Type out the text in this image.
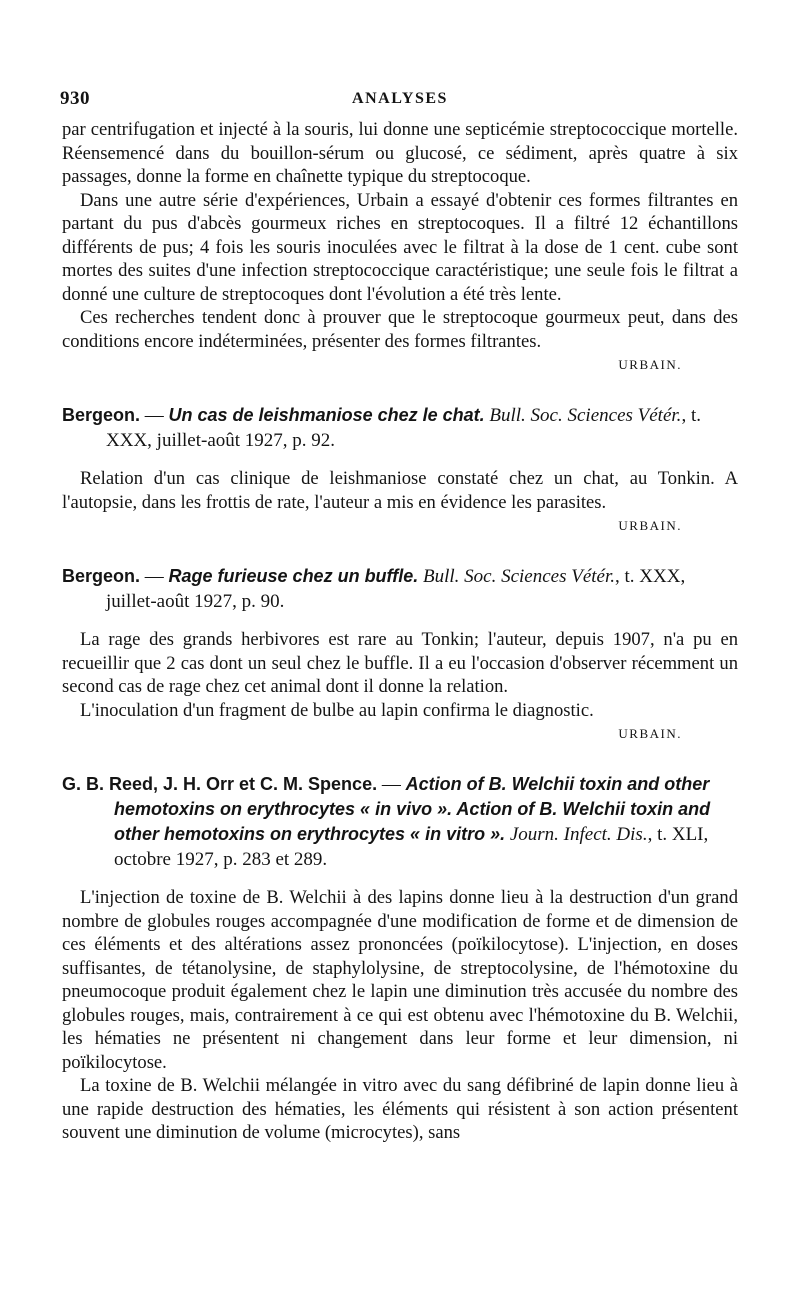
930	ANALYSES

par centrifugation et injecté à la souris, lui donne une septicémie streptococcique mortelle. Réensemencé dans du bouillon-sérum ou glucosé, ce sédiment, après quatre à six passages, donne la forme en chaînette typique du streptocoque.

Dans une autre série d'expériences, Urbain a essayé d'obtenir ces formes filtrantes en partant du pus d'abcès gourmeux riches en streptocoques. Il a filtré 12 échantillons différents de pus; 4 fois les souris inoculées avec le filtrat à la dose de 1 cent. cube sont mortes des suites d'une infection streptococcique caractéristique; une seule fois le filtrat a donné une culture de streptocoques dont l'évolution a été très lente.

Ces recherches tendent donc à prouver que le streptocoque gourmeux peut, dans des conditions encore indéterminées, présenter des formes filtrantes.

URBAIN.

Bergeon. — Un cas de leishmaniose chez le chat. Bull. Soc. Sciences Vétér., t. XXX, juillet-août 1927, p. 92.

Relation d'un cas clinique de leishmaniose constaté chez un chat, au Tonkin. A l'autopsie, dans les frottis de rate, l'auteur a mis en évidence les parasites.

URBAIN.

Bergeon. — Rage furieuse chez un buffle. Bull. Soc. Sciences Vétér., t. XXX, juillet-août 1927, p. 90.

La rage des grands herbivores est rare au Tonkin; l'auteur, depuis 1907, n'a pu en recueillir que 2 cas dont un seul chez le buffle. Il a eu l'occasion d'observer récemment un second cas de rage chez cet animal dont il donne la relation.

L'inoculation d'un fragment de bulbe au lapin confirma le diagnostic.

URBAIN.

G. B. Reed, J. H. Orr et C. M. Spence. — Action of B. Welchii toxin and other hemotoxins on erythrocytes « in vivo ». Action of B. Welchii toxin and other hemotoxins on erythrocytes « in vitro ». Journ. Infect. Dis., t. XLI, octobre 1927, p. 283 et 289.

L'injection de toxine de B. Welchii à des lapins donne lieu à la destruction d'un grand nombre de globules rouges accompagnée d'une modification de forme et de dimension de ces éléments et des altérations assez prononcées (poïkilocytose). L'injection, en doses suffisantes, de tétanolysine, de staphylolysine, de streptocolysine, de l'hémotoxine du pneumocoque produit également chez le lapin une diminution très accusée du nombre des globules rouges, mais, contrairement à ce qui est obtenu avec l'hémotoxine du B. Welchii, les hématies ne présentent ni changement dans leur forme et leur dimension, ni poïkilocytose.

La toxine de B. Welchii mélangée in vitro avec du sang défibriné de lapin donne lieu à une rapide destruction des hématies, les éléments qui résistent à son action présentent souvent une diminution de volume (microcytes), sans
